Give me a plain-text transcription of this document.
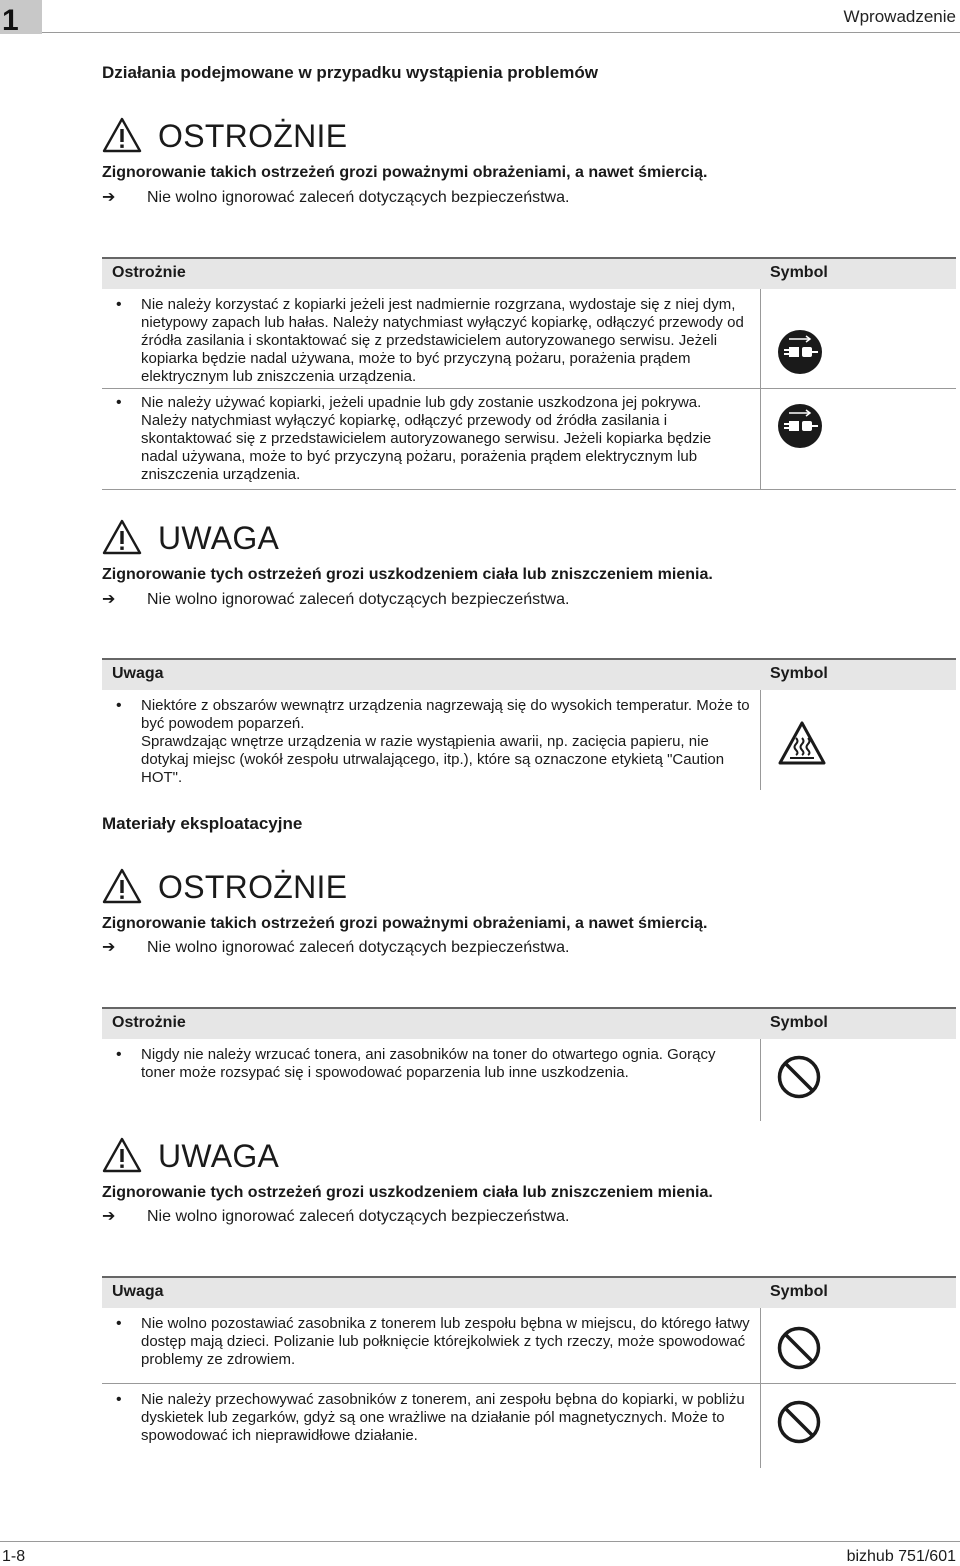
1	Wprowadzenie
Działania podejmowane w przypadku wystąpienia problemów
OSTROŻNIE
Zignorowanie takich ostrzeżeń grozi poważnymi obrażeniami, a nawet śmiercią.
➔ Nie wolno ignorować zaleceń dotyczących bezpieczeństwa.
Ostrożnie	Symbol
• Nie należy korzystać z kopiarki jeżeli jest nadmiernie rozgrzana, wydostaje się z niej dym, nietypowy zapach lub hałas. Należy natychmiast wyłączyć kopiarkę, odłączyć przewody od źródła zasilania i skontaktować się z przedstawicielem autoryzowanego serwisu. Jeżeli kopiarka będzie nadal używana, może to być przyczyną pożaru, porażenia prądem elektrycznym lub zniszczenia urządzenia.
• Nie należy używać kopiarki, jeżeli upadnie lub gdy zostanie uszkodzona jej pokrywa. Należy natychmiast wyłączyć kopiarkę, odłączyć przewody od źródła zasilania i skontaktować się z przedstawicielem autoryzowanego serwisu. Jeżeli kopiarka będzie nadal używana, może to być przyczyną pożaru, porażenia prądem elektrycznym lub zniszczenia urządzenia.
UWAGA
Zignorowanie tych ostrzeżeń grozi uszkodzeniem ciała lub zniszczeniem mienia.
➔ Nie wolno ignorować zaleceń dotyczących bezpieczeństwa.
Uwaga	Symbol
• Niektóre z obszarów wewnątrz urządzenia nagrzewają się do wysokich temperatur. Może to być powodem poparzeń.
Sprawdzając wnętrze urządzenia w razie wystąpienia awarii, np. zacięcia papieru, nie dotykaj miejsc (wokół zespołu utrwalającego, itp.), które są oznaczone etykietą "Caution HOT".
Materiały eksploatacyjne
OSTROŻNIE
Zignorowanie takich ostrzeżeń grozi poważnymi obrażeniami, a nawet śmiercią.
➔ Nie wolno ignorować zaleceń dotyczących bezpieczeństwa.
Ostrożnie	Symbol
• Nigdy nie należy wrzucać tonera, ani zasobników na toner do otwartego ognia. Gorący toner może rozsypać się i spowodować poparzenia lub inne uszkodzenia.
UWAGA
Zignorowanie tych ostrzeżeń grozi uszkodzeniem ciała lub zniszczeniem mienia.
➔ Nie wolno ignorować zaleceń dotyczących bezpieczeństwa.
Uwaga	Symbol
• Nie wolno pozostawiać zasobnika z tonerem lub zespołu bębna w miejscu, do którego łatwy dostęp mają dzieci. Polizanie lub połknięcie którejkolwiek z tych rzeczy, może spowodować problemy ze zdrowiem.
• Nie należy przechowywać zasobników z tonerem, ani zespołu bębna do kopiarki, w pobliżu dyskietek lub zegarków, gdyż są one wrażliwe na działanie pól magnetycznych. Może to spowodować ich nieprawidłowe działanie.
1-8	bizhub 751/601
